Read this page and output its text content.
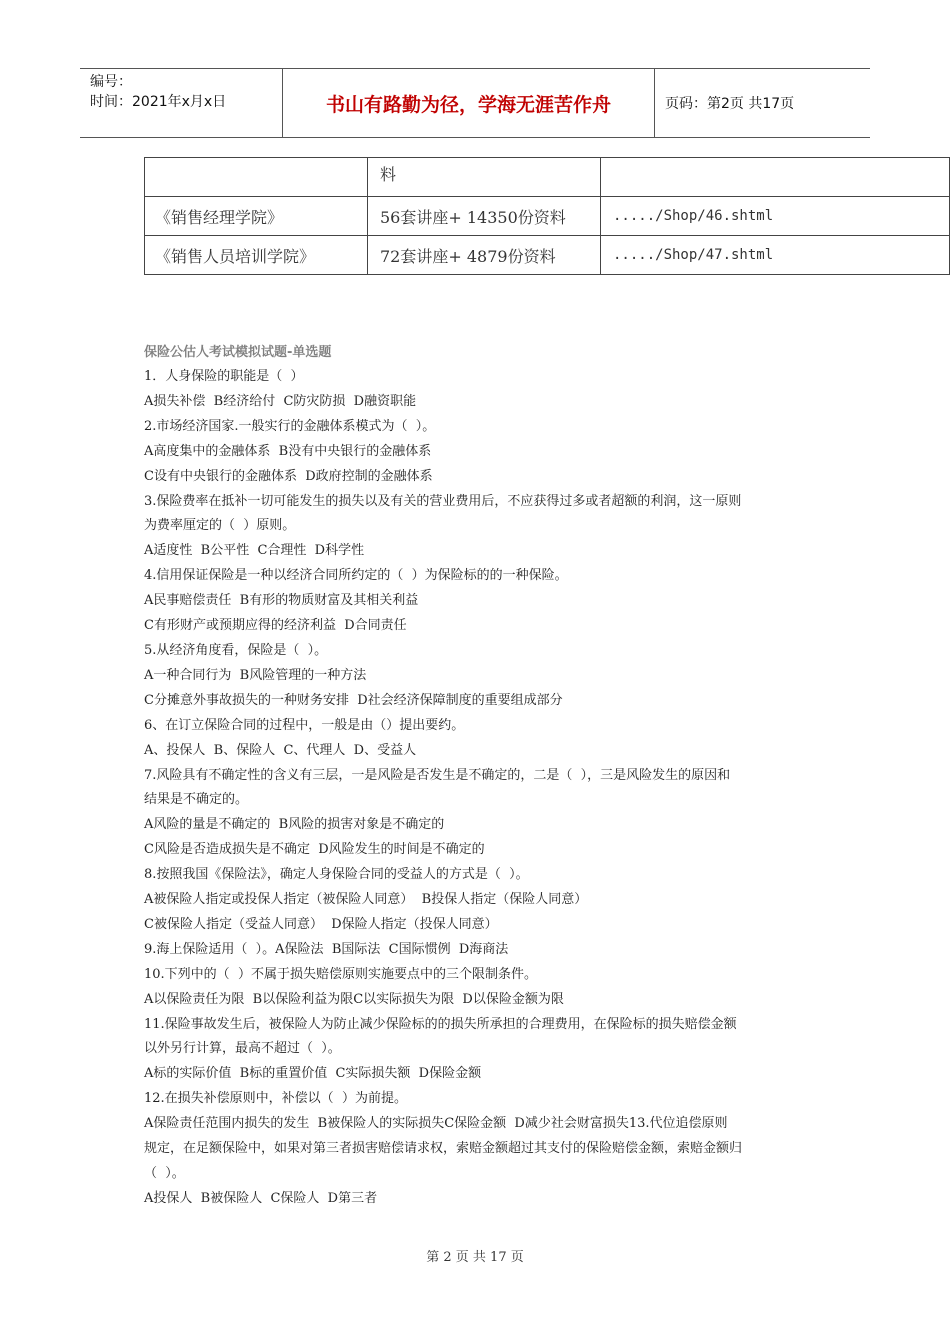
编号：
时间：2021年x月x日	书山有路勤为径，学海无涯苦作舟	页码：第2页 共17页
	料	
《销售经理学院》	56套讲座+ 14350份资料	...../Shop/46.shtml
《销售人员培训学院》	72套讲座+ 4879份资料	...../Shop/47.shtml
保险公估人考试模拟试题-单选题
1．人身保险的职能是（  ）
A损失补偿  B经济给付  C防灾防损  D融资职能
2.市场经济国家.一般实行的金融体系模式为（  ）。
A高度集中的金融体系  B没有中央银行的金融体系
C设有中央银行的金融体系  D政府控制的金融体系
3.保险费率在抵补一切可能发生的损失以及有关的营业费用后，不应获得过多或者超额的利润，这一原则
为费率厘定的（  ）原则。
A适度性  B公平性  C合理性  D科学性
4.信用保证保险是一种以经济合同所约定的（  ）为保险标的的一种保险。
A民事赔偿责任  B有形的物质财富及其相关利益
C有形财产或预期应得的经济利益  D合同责任
5.从经济角度看，保险是（  ）。
A一种合同行为  B风险管理的一种方法
C分摊意外事故损失的一种财务安排  D社会经济保障制度的重要组成部分
6、在订立保险合同的过程中，一般是由（）提出要约。
A、投保人  B、保险人  C、代理人  D、受益人
7.风险具有不确定性的含义有三层，一是风险是否发生是不确定的，二是（  ），三是风险发生的原因和
结果是不确定的。
A风险的量是不确定的  B风险的损害对象是不确定的
C风险是否造成损失是不确定  D风险发生的时间是不确定的
8.按照我国《保险法》，确定人身保险合同的受益人的方式是（  ）。
A被保险人指定或投保人指定（被保险人同意）  B投保人指定（保险人同意）
C被保险人指定（受益人同意）  D保险人指定（投保人同意）
9.海上保险适用（  ）。A保险法  B国际法  C国际惯例  D海商法
10.下列中的（  ）不属于损失赔偿原则实施要点中的三个限制条件。
A以保险责任为限  B以保险利益为限C以实际损失为限  D以保险金额为限
11.保险事故发生后，被保险人为防止减少保险标的的损失所承担的合理费用，在保险标的损失赔偿金额
以外另行计算，最高不超过（  ）。
A标的实际价值  B标的重置价值  C实际损失额  D保险金额
12.在损失补偿原则中，补偿以（  ）为前提。
A保险责任范围内损失的发生  B被保险人的实际损失C保险金额  D减少社会财富损失13.代位追偿原则
规定，在足额保险中，如果对第三者损害赔偿请求权，索赔金额超过其支付的保险赔偿金额，索赔金额归
（  ）。
A投保人  B被保险人  C保险人  D第三者
第 2 页 共 17 页
